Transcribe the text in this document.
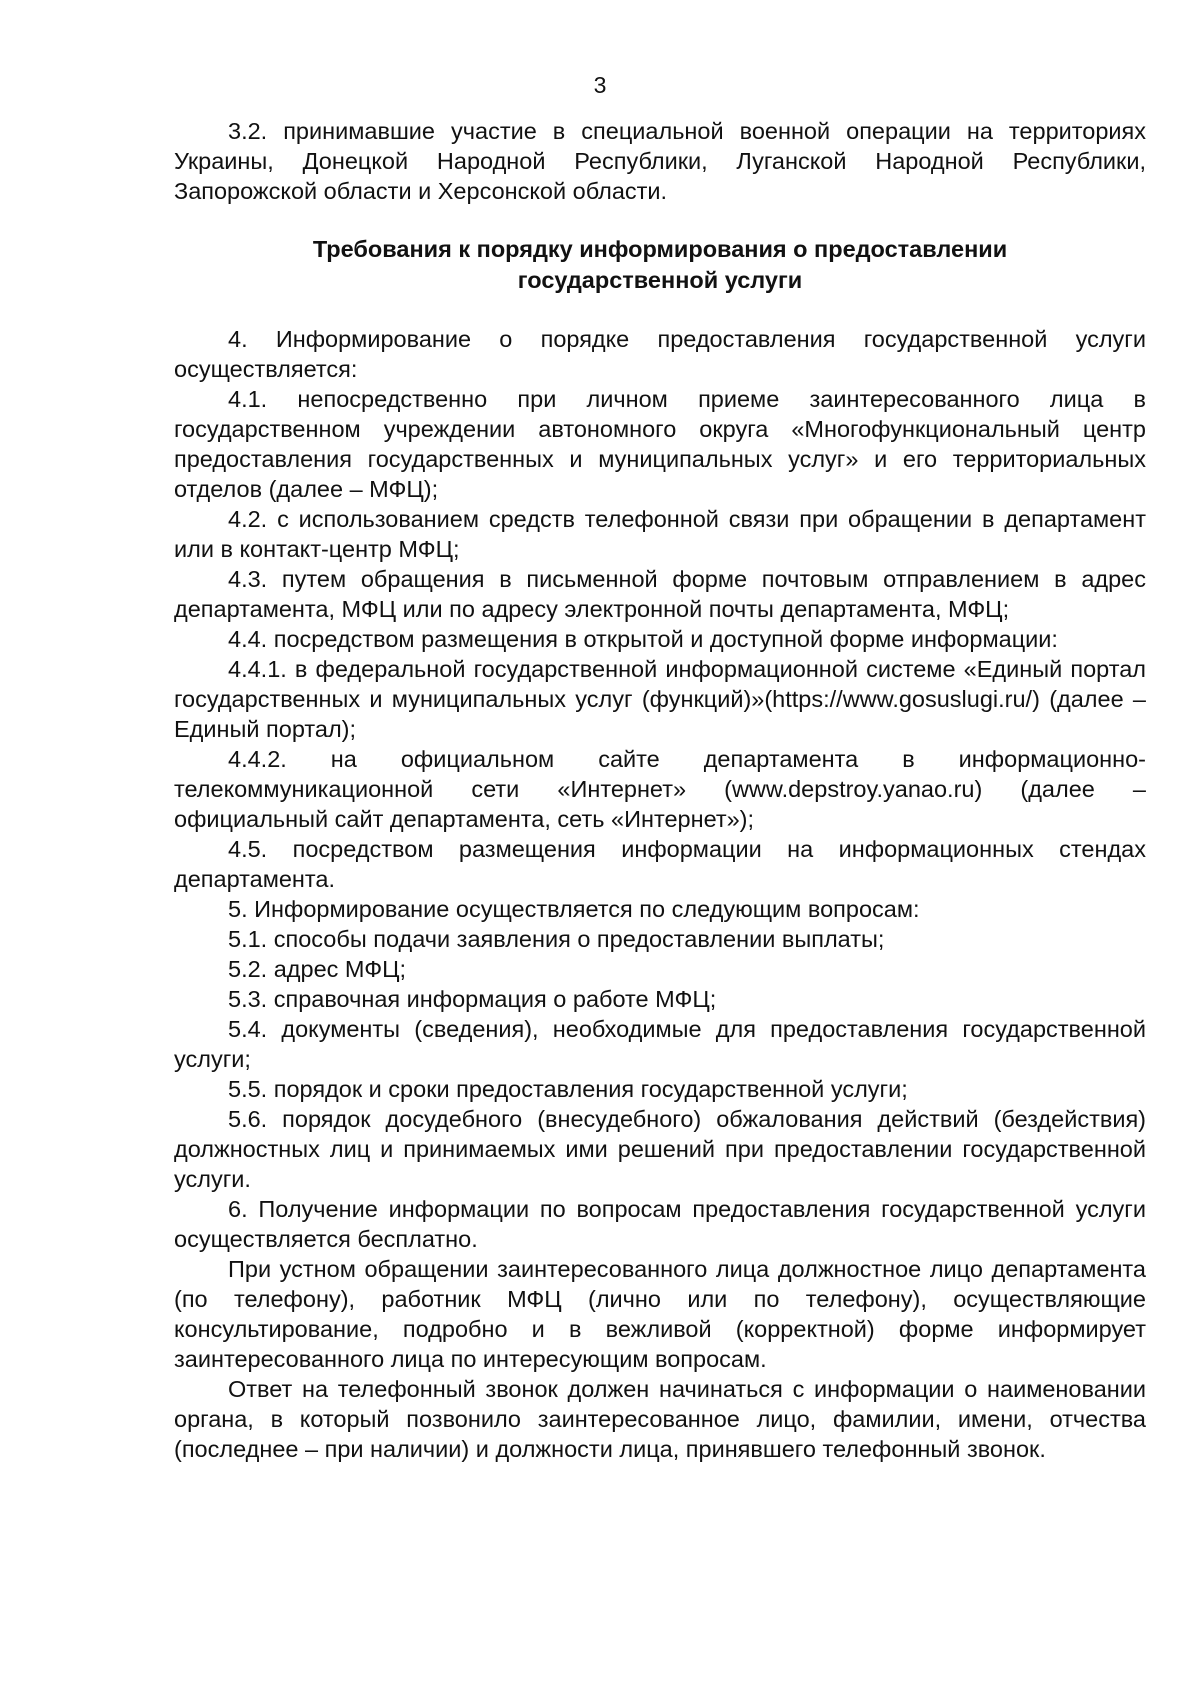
3

3.2. принимавшие участие в специальной военной операции на территориях Украины, Донецкой Народной Республики, Луганской Народной Республики, Запорожской области и Херсонской области.

Требования к порядку информирования о предоставлении
государственной услуги

4. Информирование о порядке предоставления государственной услуги осуществляется:

4.1. непосредственно при личном приеме заинтересованного лица в государственном учреждении автономного округа «Многофункциональный центр предоставления государственных и муниципальных услуг» и его территориальных отделов (далее – МФЦ);

4.2. с использованием средств телефонной связи при обращении в департамент или в контакт-центр МФЦ;

4.3. путем обращения в письменной форме почтовым отправлением в адрес департамента, МФЦ или по адресу электронной почты департамента, МФЦ;

4.4. посредством размещения в открытой и доступной форме информации:

4.4.1. в федеральной государственной информационной системе «Единый портал государственных и муниципальных услуг (функций)»(https://www.gosuslugi.ru/) (далее – Единый портал);

4.4.2. на официальном сайте департамента в информационно-телекоммуникационной сети «Интернет» (www.depstroy.yanao.ru) (далее – официальный сайт департамента, сеть «Интернет»);

4.5. посредством размещения информации на информационных стендах департамента.

5. Информирование осуществляется по следующим вопросам:

5.1. способы подачи заявления о предоставлении выплаты;

5.2. адрес МФЦ;

5.3. справочная информация о работе МФЦ;

5.4. документы (сведения), необходимые для предоставления государственной услуги;

5.5. порядок и сроки предоставления государственной услуги;

5.6. порядок досудебного (внесудебного) обжалования действий (бездействия) должностных лиц и принимаемых ими решений при предоставлении государственной услуги.

6. Получение информации по вопросам предоставления государственной услуги осуществляется бесплатно.

При устном обращении заинтересованного лица должностное лицо департамента (по телефону), работник МФЦ (лично или по телефону), осуществляющие консультирование, подробно и в вежливой (корректной) форме информирует заинтересованного лица по интересующим вопросам.

Ответ на телефонный звонок должен начинаться с информации о наименовании органа, в который позвонило заинтересованное лицо, фамилии, имени, отчества (последнее – при наличии) и должности лица, принявшего телефонный звонок.
